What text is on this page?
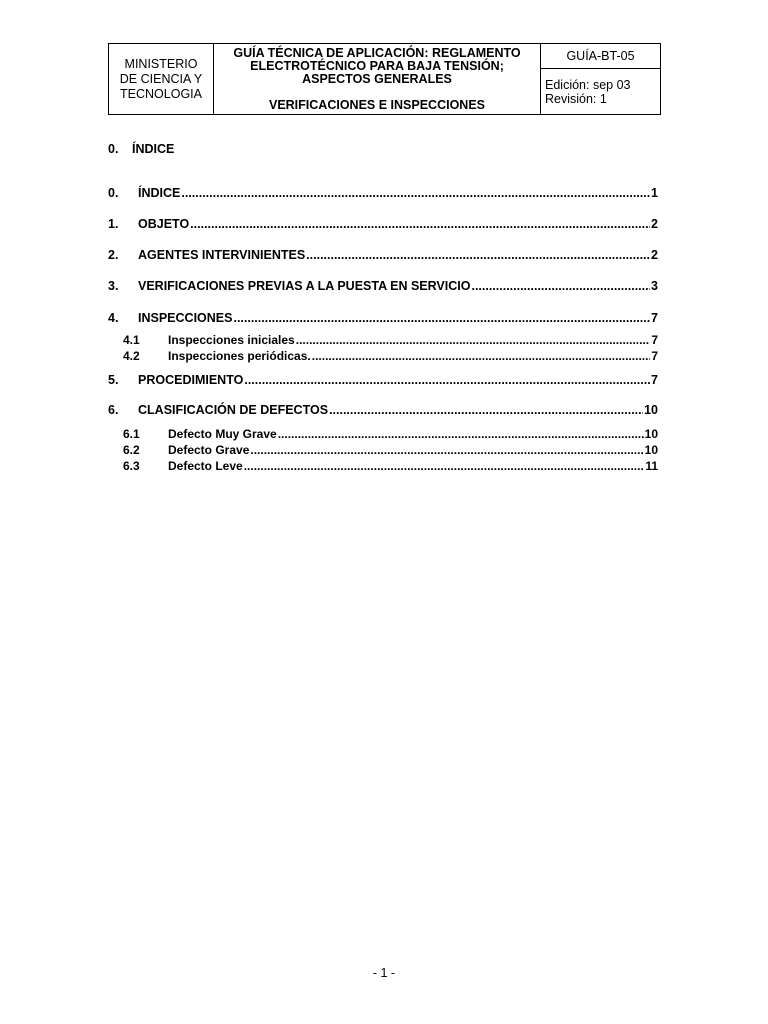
MINISTERIO
DE CIENCIA Y
TECNOLOGIA

GUÍA TÉCNICA DE APLICACIÓN: REGLAMENTO
ELECTROTÉCNICO PARA BAJA TENSIÓN;
ASPECTOS GENERALES
VERIFICACIONES E INSPECCIONES
	GUÍA-BT-05

Edición: sep 03
Revisión: 1
0. ÍNDICE
0.	ÍNDICE .....	1
1.	OBJETO .....	2
2.	AGENTES INTERVINIENTES .....	2
3.	VERIFICACIONES PREVIAS A LA PUESTA EN SERVICIO .....	3
4.	INSPECCIONES .....	7
4.1	Inspecciones iniciales .....	7
4.2	Inspecciones periódicas. .....	7
5.	PROCEDIMIENTO .....	7
6.	CLASIFICACIÓN DE DEFECTOS .....	10
6.1	Defecto Muy Grave .....	10
6.2	Defecto Grave .....	10
6.3	Defecto Leve .....	11
- 1 -
